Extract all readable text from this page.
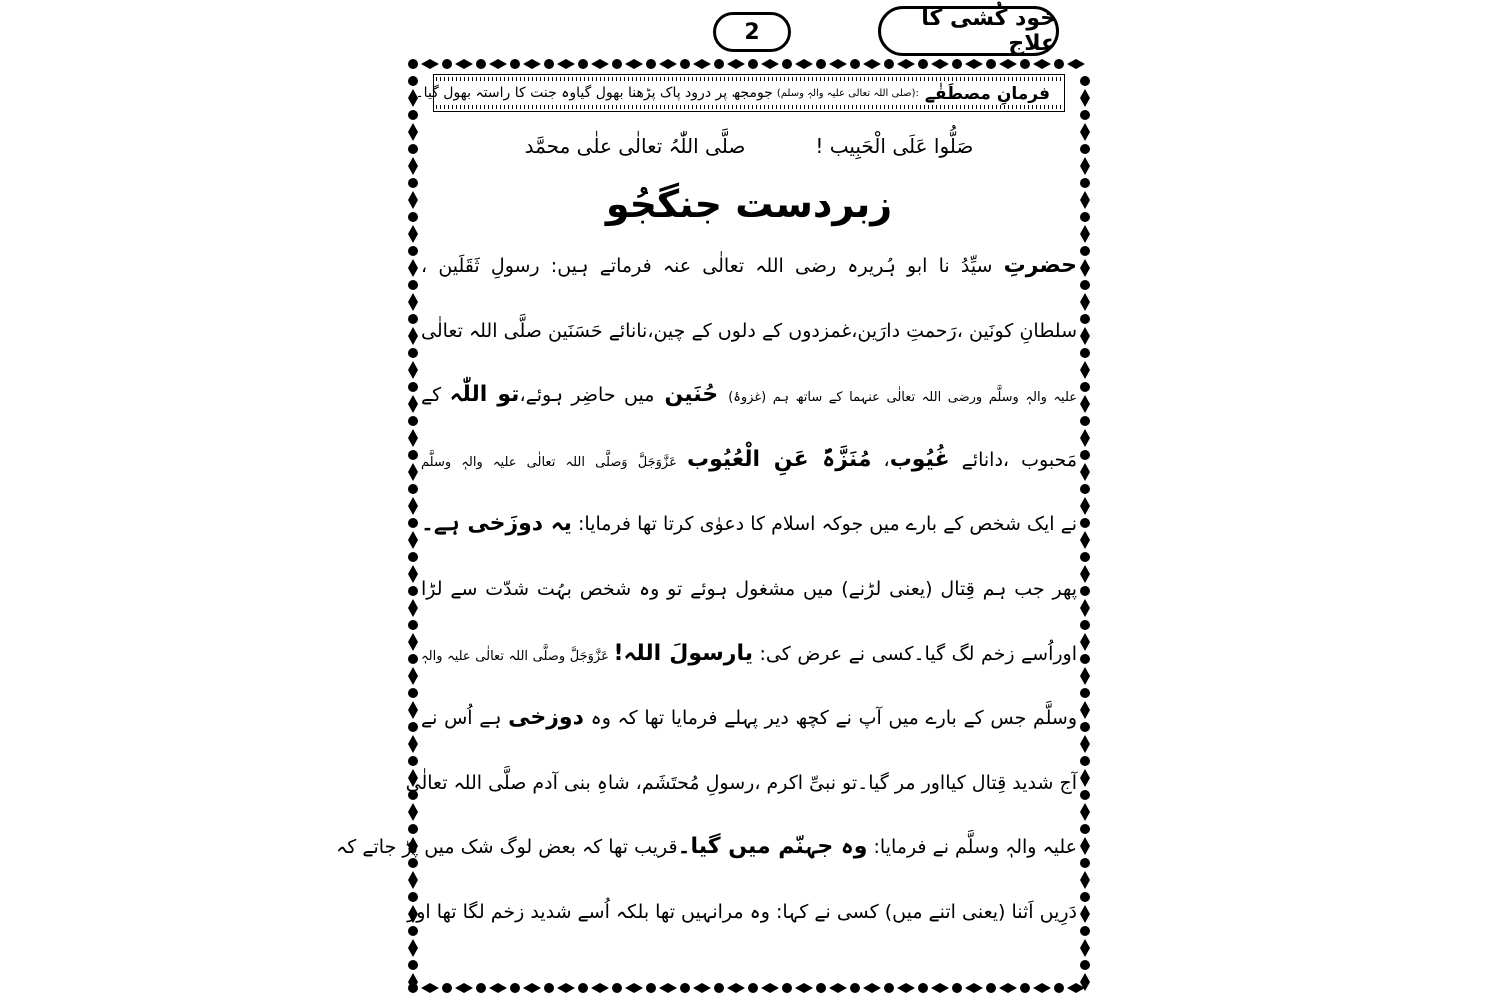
2
خود کُشی کا علاج
فرمانِ مصطَفٰے
:(صلی اللہ تعالی علیہ والہٖ وسلم)
جومجھ پر درود پاک پڑھنا بھول گیاوہ جنت کا راستہ بھول گیا۔
صَلُّوا عَلَی الْحَبِیب !
صلَّی اللّٰہُ تعالٰی علٰی محمَّد
زبردست جنگجُو
حضرتِ سیِّدُ نا ابو ہُریرہ رضی اللہ تعالٰی عنہ فرماتے ہیں: رسولِ ثَقَلَین ،
سلطانِ کونَین ،رَحمتِ دارَین،غمزدوں کے دلوں کے چین،نانائے حَسَنَین صلَّی اللہ تعالٰی
علیہ والہٖ وسلَّم ورضی اللہ تعالٰی عنہما کے ساتھ ہم (غزوۂ) حُنَین میں حاضِر ہوئے،تو اللّٰہ کے
مَحبوب ،دانائے غُیُوب، مُنَزَّہٌ عَنِ الْعُیُوب عَزَّوَجَلَّ وَصلَّی اللہ تعالٰی علیہ والہٖ وسلَّم
نے ایک شخص کے بارے میں جوکہ اسلام کا دعوٰی کرتا تھا فرمایا: یہ دوزَخی ہے۔
پھر جب ہم قِتال (یعنی لڑنے) میں مشغول ہوئے تو وہ شخص بہُت شدّت سے لڑا
اوراُسے زخم لگ گیا۔کسی نے عرض کی: یارسولَ اللہ! عَزَّوَجَلَّ وصلَّی اللہ تعالٰی علیہ والہٖ
وسلَّم جس کے بارے میں آپ نے کچھ دیر پہلے فرمایا تھا کہ وہ دوزخی ہے اُس نے
آج شدید قِتال کیااور مر گیا۔تو نبیِّ اکرم ،رسولِ مُحتَشَم، شاہِ بنی آدم صلَّی اللہ تعالٰی
علیہ والہٖ وسلَّم نے فرمایا: وہ جہنّم میں گیا۔قریب تھا کہ بعض لوگ شک میں پڑ جاتے کہ
دَرِیں اَثنا (یعنی اتنے میں) کسی نے کہا: وہ مرانہیں تھا بلکہ اُسے شدید زخم لگا تھا اور
